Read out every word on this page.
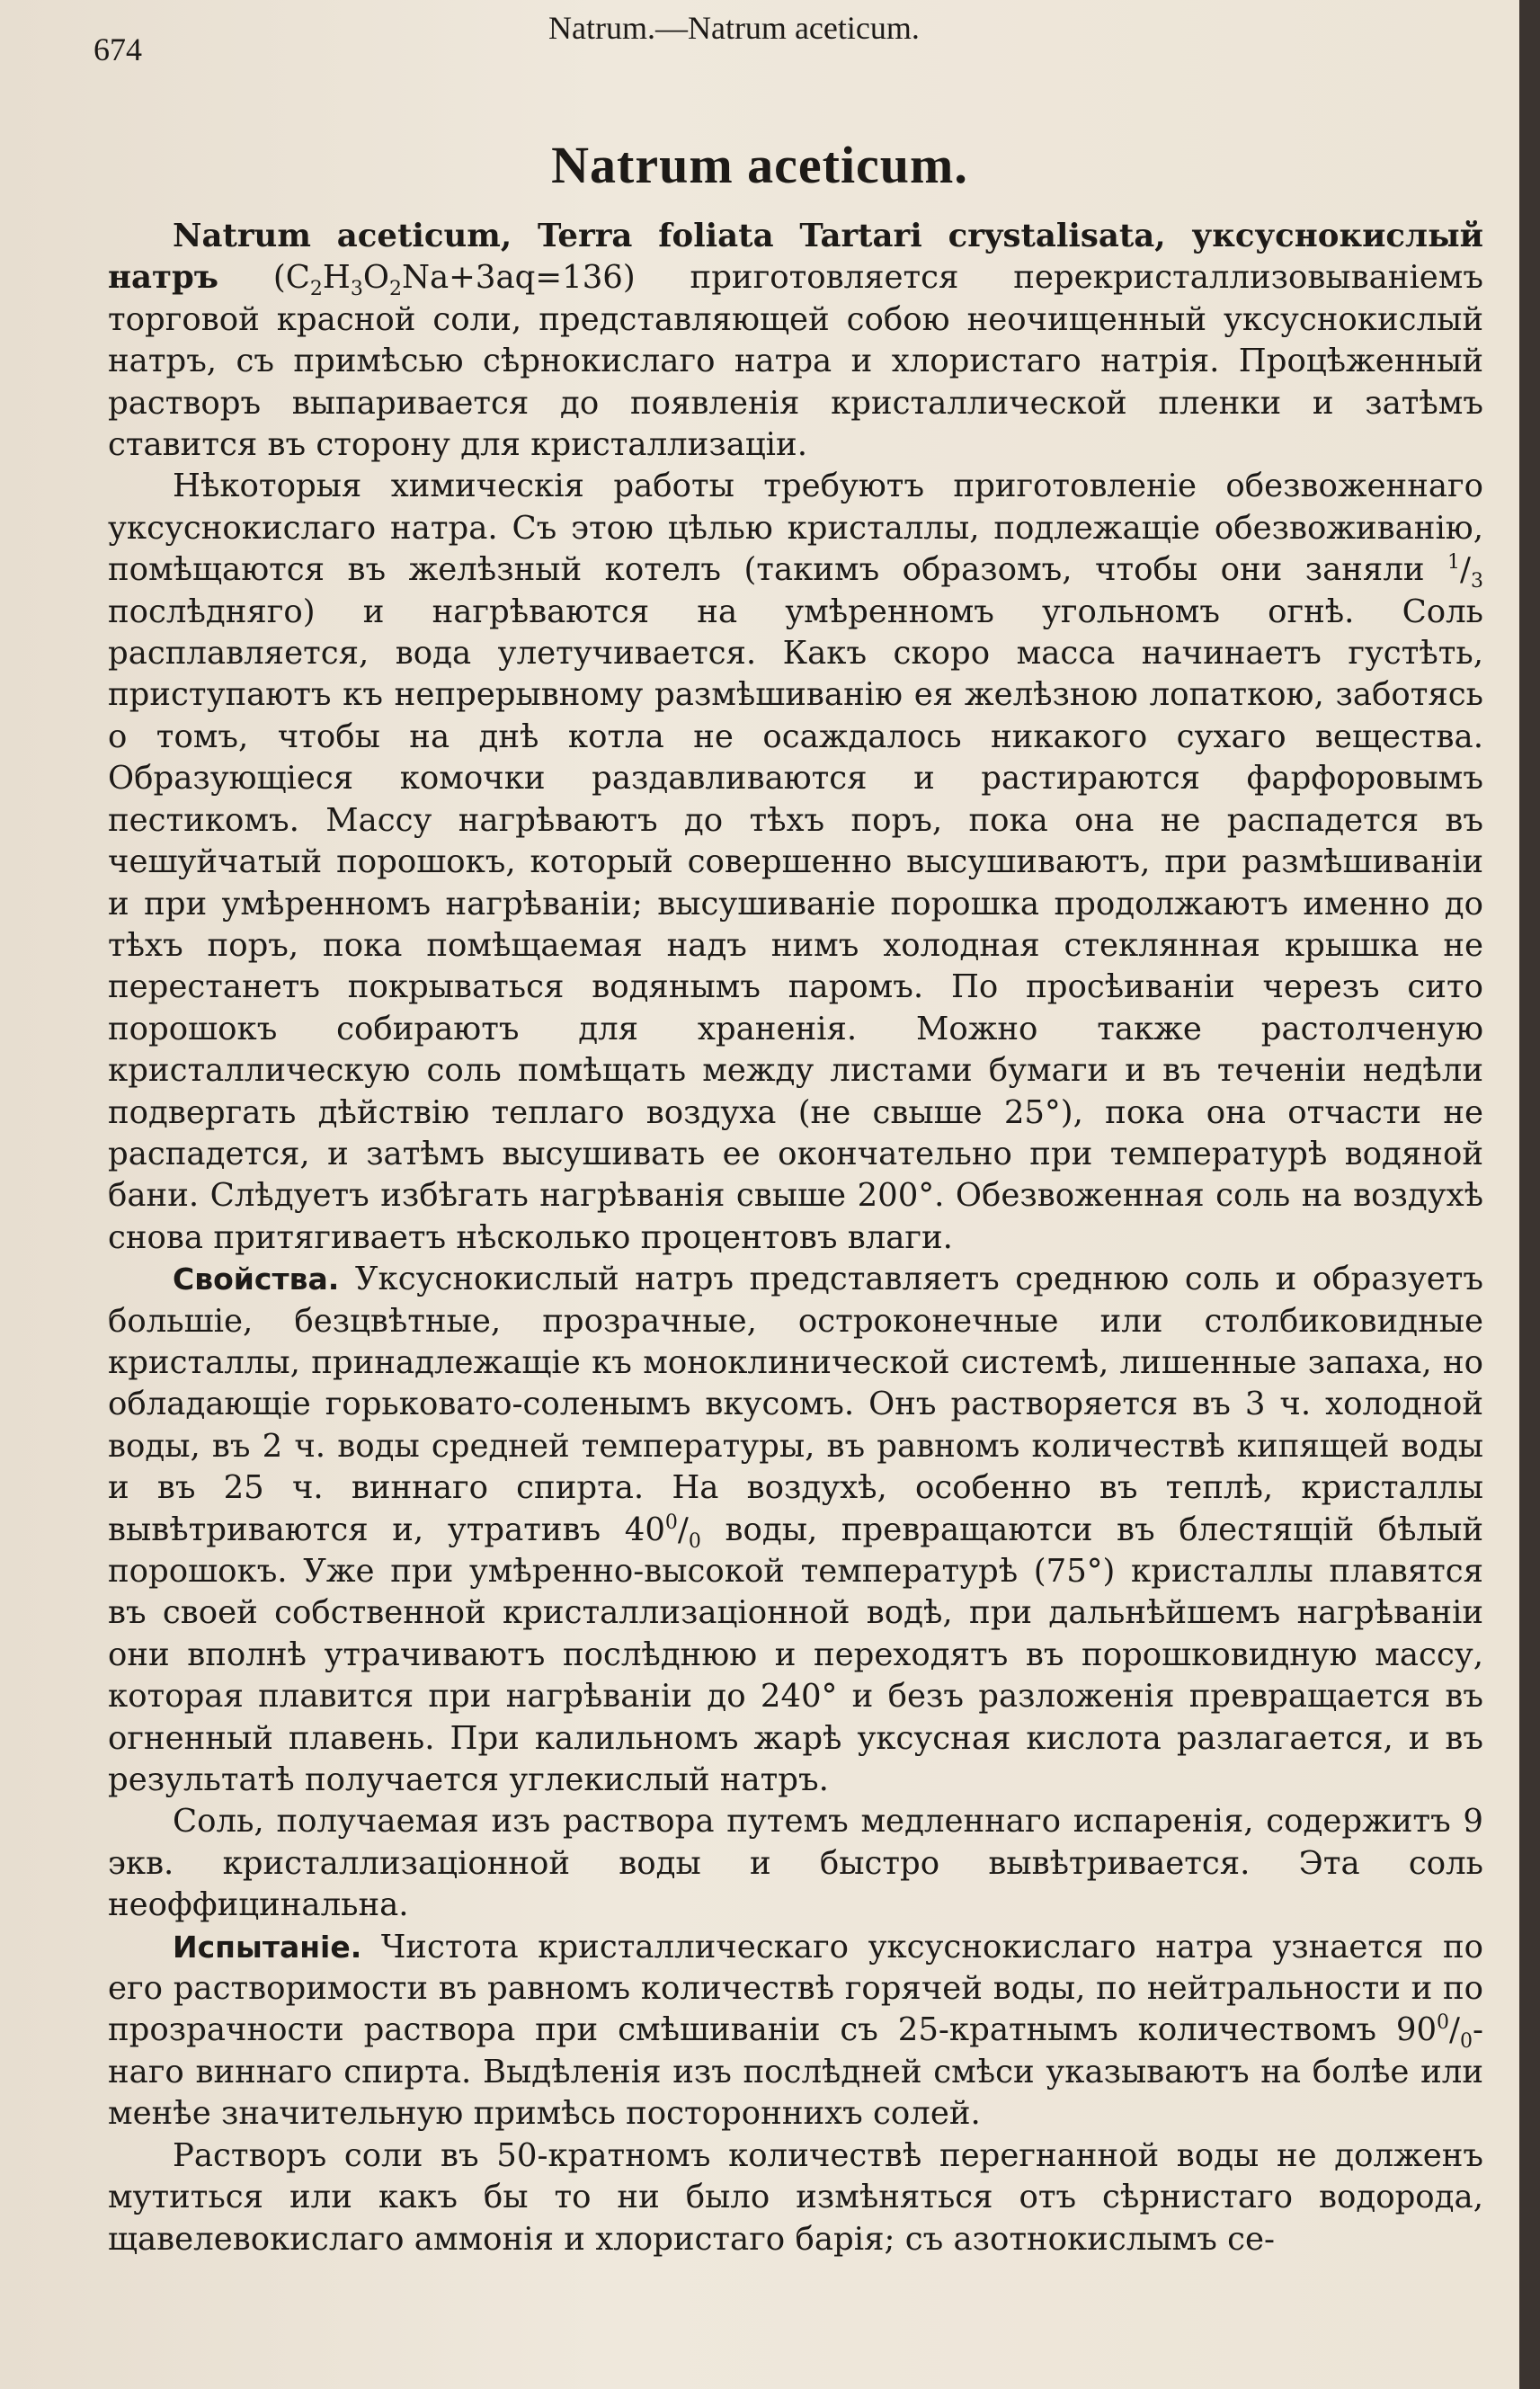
674
Natrum.—Natrum aceticum.
Natrum aceticum.

Natrum aceticum, Terra foliata Tartari crystalisata, уксуснокислый натръ $(C_2H_3O_2Na+3aq=136)$ приготовляется перекристаллизовываніемъ торговой красной соли, представляющей собою неочищенный уксуснокислый натръ, съ примѣсью сѣрнокислаго натра и хлористаго натрія. Процѣженный растворъ выпаривается до появленія кристаллической пленки и затѣмъ ставится въ сторону для кристаллизаціи.

Нѣкоторыя химическія работы требуютъ приготовленіе обезвоженнаго уксуснокислаго натра. Съ этою цѣлью кристаллы, подлежащіе обезвоживанію, помѣщаются въ желѣзный котелъ (такимъ образомъ, чтобы они заняли $^1/_3$ послѣдняго) и нагрѣваются на умѣренномъ угольномъ огнѣ. Соль расплавляется, вода улетучивается. Какъ скоро масса начинаетъ густѣть, приступаютъ къ непрерывному размѣшиванію ея желѣзною лопаткою, заботясь о томъ, чтобы на днѣ котла не осаждалось никакого сухаго вещества. Образующіеся комочки раздавливаются и растираются фарфоровымъ пестикомъ. Массу нагрѣваютъ до тѣхъ поръ, пока она не распадется въ чешуйчатый порошокъ, который совершенно высушиваютъ, при размѣшиваніи и при умѣренномъ нагрѣваніи; высушиваніе порошка продолжаютъ именно до тѣхъ поръ, пока помѣщаемая надъ нимъ холодная стеклянная крышка не перестанетъ покрываться водянымъ паромъ. По просѣиваніи черезъ сито порошокъ собираютъ для храненія. Можно также растолченую кристаллическую соль помѣщать между листами бумаги и въ теченіи недѣли подвергать дѣйствію теплаго воздуха (не свыше 25°), пока она отчасти не распадется, и затѣмъ высушивать ее окончательно при температурѣ водяной бани. Слѣдуетъ избѣгать нагрѣванія свыше 200°. Обезвоженная соль на воздухѣ снова притягиваетъ нѣсколько процентовъ влаги.

Свойства. Уксуснокислый натръ представляетъ среднюю соль и образуетъ большіе, безцвѣтные, прозрачные, остроконечные или столбиковидные кристаллы, принадлежащіе къ моноклинической системѣ, лишенные запаха, но обладающіе горьковато-соленымъ вкусомъ. Онъ растворяется въ 3 ч. холодной воды, въ 2 ч. воды средней температуры, въ равномъ количествѣ кипящей воды и въ 25 ч. виннаго спирта. На воздухѣ, особенно въ теплѣ, кристаллы вывѣтриваются и, утративъ $40^0/_0$ воды, превращаютси въ блестящій бѣлый порошокъ. Уже при умѣренно-высокой температурѣ (75°) кристаллы плавятся въ своей собственной кристаллизаціонной водѣ, при дальнѣйшемъ нагрѣваніи они вполнѣ утрачиваютъ послѣднюю и переходятъ въ порошковидную массу, которая плавится при нагрѣваніи до 240° и безъ разложенія превращается въ огненный плавень. При калильномъ жарѣ уксусная кислота разлагается, и въ результатѣ получается углекислый натръ.

Соль, получаемая изъ раствора путемъ медленнаго испаренія, содержитъ 9 экв. кристаллизаціонной воды и быстро вывѣтривается. Эта соль неоффицинальна.

Испытаніе. Чистота кристаллическаго уксуснокислаго натра узнается по его растворимости въ равномъ количествѣ горячей воды, по нейтральности и по прозрачности раствора при смѣшиваніи съ 25-кратнымъ количествомъ $90^0/_0$-наго виннаго спирта. Выдѣленія изъ послѣдней смѣси указываютъ на болѣе или менѣе значительную примѣсь постороннихъ солей.

Растворъ соли въ 50-кратномъ количествѣ перегнанной воды не долженъ мутиться или какъ бы то ни было измѣняться отъ сѣрнистаго водорода, щавелевокислаго аммонія и хлористаго барія; съ азотнокислымъ се-
